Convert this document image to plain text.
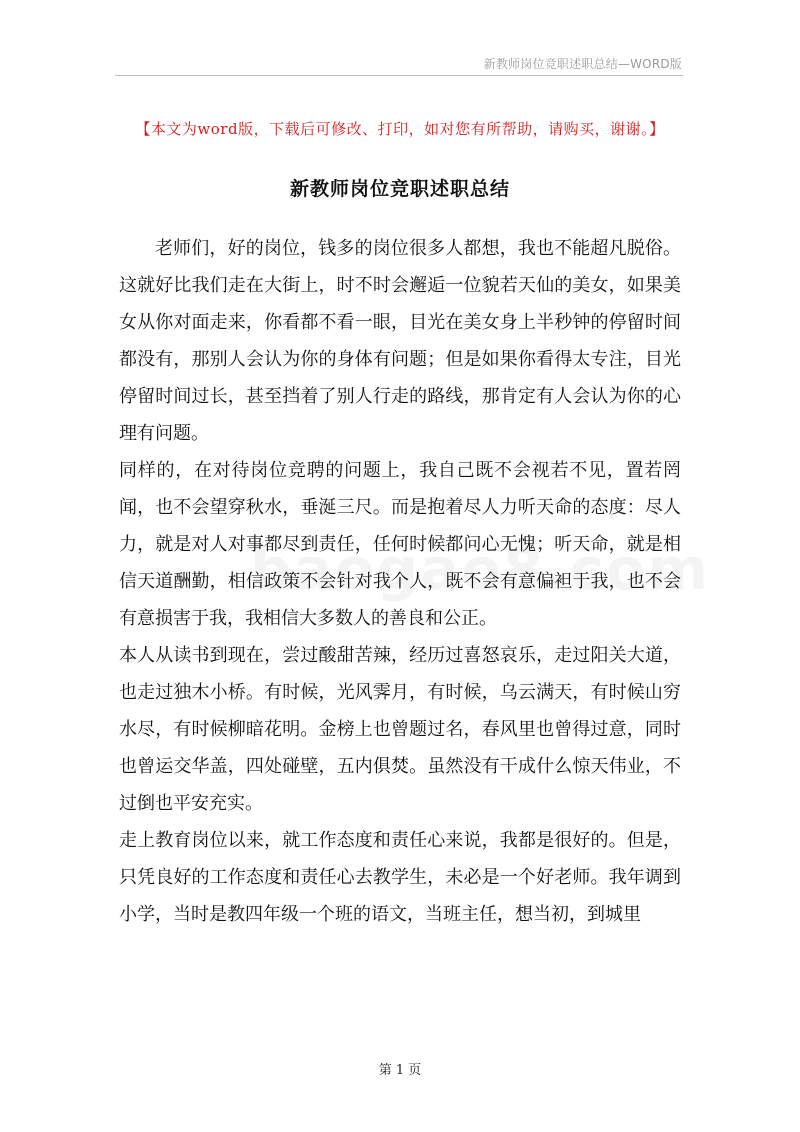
新教师岗位竞职述职总结—WORD版
【本文为word版，下载后可修改、打印，如对您有所帮助，请购买，谢谢。】
新教师岗位竞职述职总结

老师们，好的岗位，钱多的岗位很多人都想，我也不能超凡脱俗。这就好比我们走在大街上，时不时会邂逅一位貌若天仙的美女，如果美女从你对面走来，你看都不看一眼，目光在美女身上半秒钟的停留时间都没有，那别人会认为你的身体有问题；但是如果你看得太专注，目光停留时间过长，甚至挡着了别人行走的路线，那肯定有人会认为你的心理有问题。

同样的，在对待岗位竞聘的问题上，我自己既不会视若不见，置若罔闻，也不会望穿秋水，垂涎三尺。而是抱着尽人力听天命的态度：尽人力，就是对人对事都尽到责任，任何时候都问心无愧；听天命，就是相信天道酬勤，相信政策不会针对我个人，既不会有意偏袒于我，也不会有意损害于我，我相信大多数人的善良和公正。

本人从读书到现在，尝过酸甜苦辣，经历过喜怒哀乐，走过阳关大道，也走过独木小桥。有时候，光风霁月，有时候，乌云满天，有时候山穷水尽，有时候柳暗花明。金榜上也曾题过名，春风里也曾得过意，同时也曾运交华盖，四处碰壁，五内俱焚。虽然没有干成什么惊天伟业，不过倒也平安充实。

走上教育岗位以来，就工作态度和责任心来说，我都是很好的。但是，只凭良好的工作态度和责任心去教学生，未必是一个好老师。我年调到小学，当时是教四年级一个班的语文，当班主任，想当初，到城里

第 1 页
